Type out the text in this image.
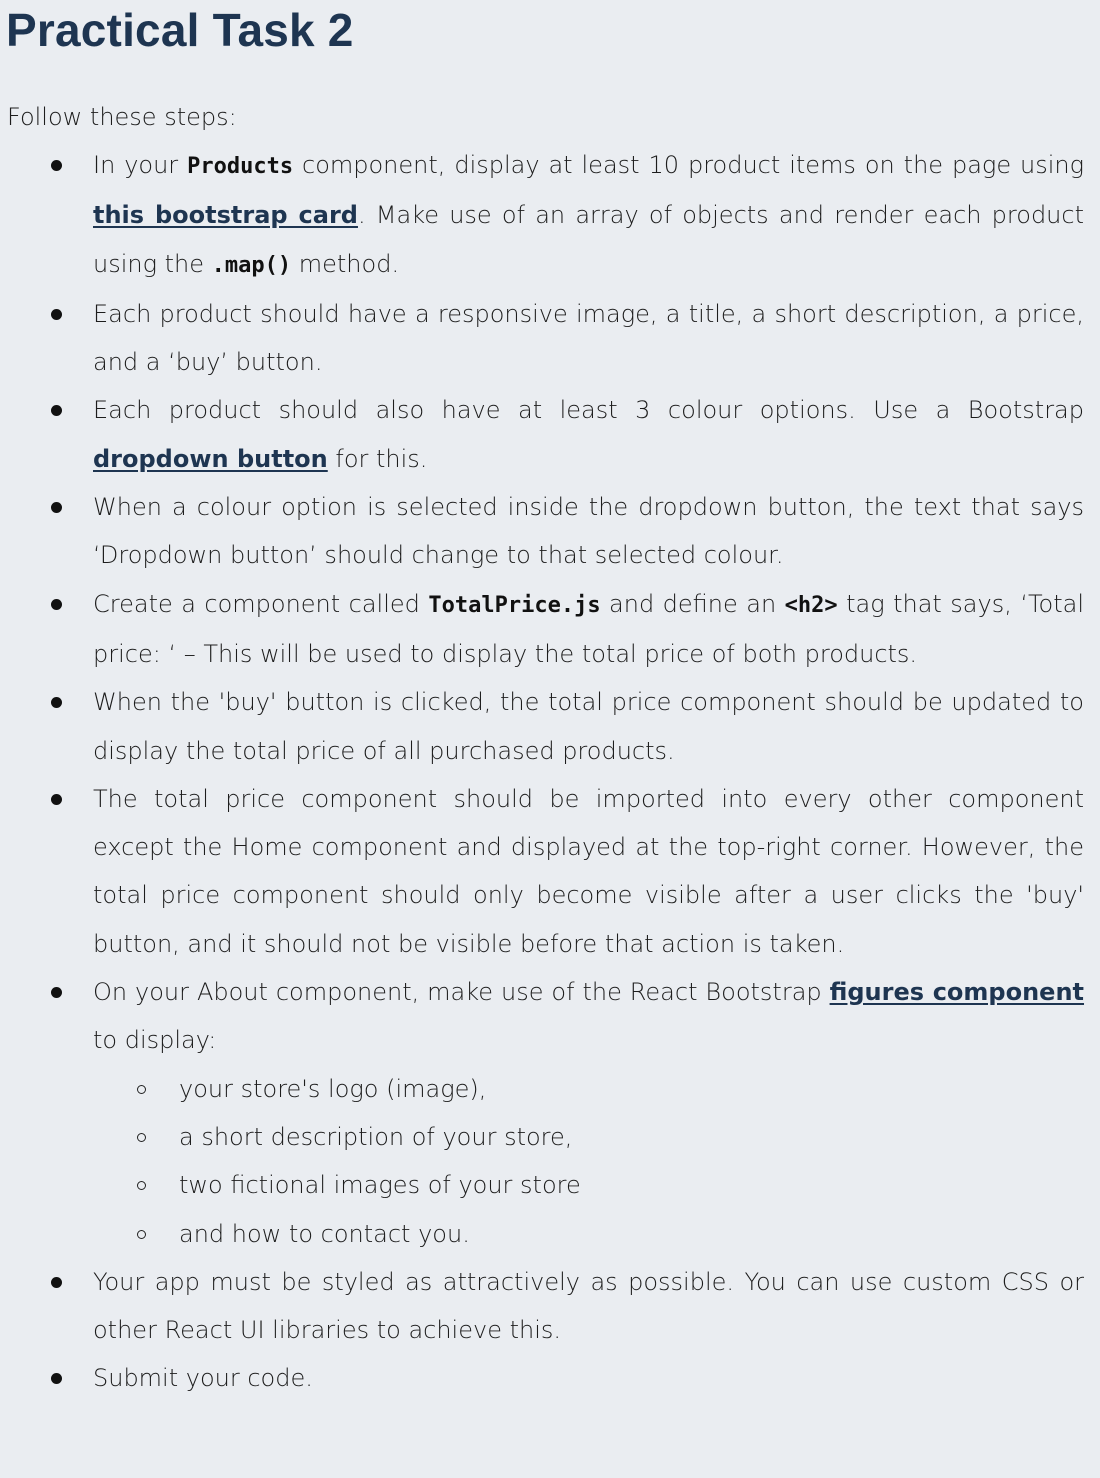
Practical Task 2

Follow these steps:

In your Products component, display at least 10 product items on the page using this bootstrap card. Make use of an array of objects and render each product using the .map() method.
Each product should have a responsive image, a title, a short description, a price, and a ‘buy’ button.
Each product should also have at least 3 colour options. Use a Bootstrap dropdown button for this.
When a colour option is selected inside the dropdown button, the text that says ‘Dropdown button’ should change to that selected colour.
Create a component called TotalPrice.js and define an <h2> tag that says, ‘Total price: ‘ – This will be used to display the total price of both products.
When the 'buy' button is clicked, the total price component should be updated to display the total price of all purchased products.
The total price component should be imported into every other component except the Home component and displayed at the top-right corner. However, the total price component should only become visible after a user clicks the 'buy' button, and it should not be visible before that action is taken.
On your About component, make use of the React Bootstrap figures component to display:
your store's logo (image),
a short description of your store,
two fictional images of your store
and how to contact you.
Your app must be styled as attractively as possible. You can use custom CSS or other React UI libraries to achieve this.
Submit your code.
